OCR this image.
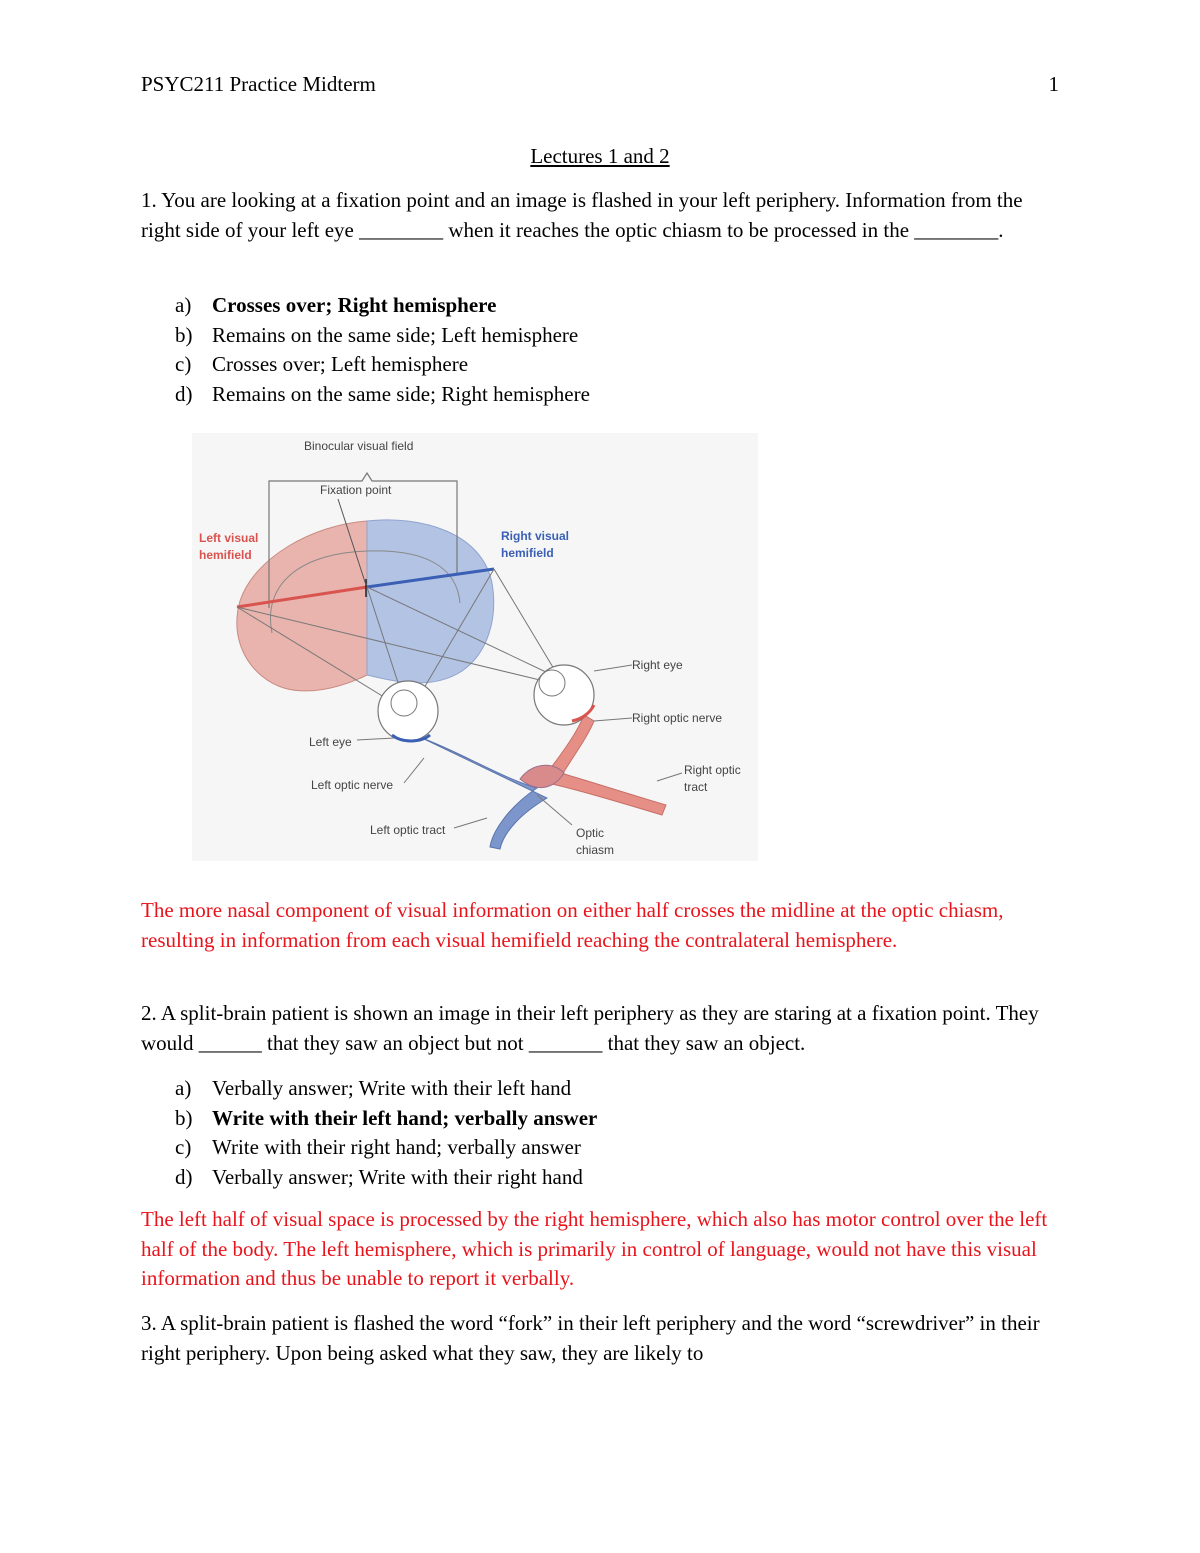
PSYC211 Practice Midterm	1
Lectures 1 and 2
1. You are looking at a fixation point and an image is flashed in your left periphery. Information from the right side of your left eye ________ when it reaches the optic chiasm to be processed in the ________.
a) Crosses over; Right hemisphere
b) Remains on the same side; Left hemisphere
c) Crosses over; Left hemisphere
d) Remains on the same side; Right hemisphere
Binocular visual field
Fixation point
Left visual
hemifield
Right visual
hemifield
Right eye
Right optic nerve
Left eye
Left optic nerve
Right optic
tract
Left optic tract	Optic
chiasm
The more nasal component of visual information on either half crosses the midline at the optic chiasm, resulting in information from each visual hemifield reaching the contralateral hemisphere.
2. A split-brain patient is shown an image in their left periphery as they are staring at a fixation point. They would ______ that they saw an object but not _______ that they saw an object.
a) Verbally answer; Write with their left hand
b) Write with their left hand; verbally answer
c) Write with their right hand; verbally answer
d) Verbally answer; Write with their right hand
The left half of visual space is processed by the right hemisphere, which also has motor control over the left half of the body. The left hemisphere, which is primarily in control of language, would not have this visual information and thus be unable to report it verbally.
3. A split-brain patient is flashed the word “fork” in their left periphery and the word “screwdriver” in their right periphery. Upon being asked what they saw, they are likely to
